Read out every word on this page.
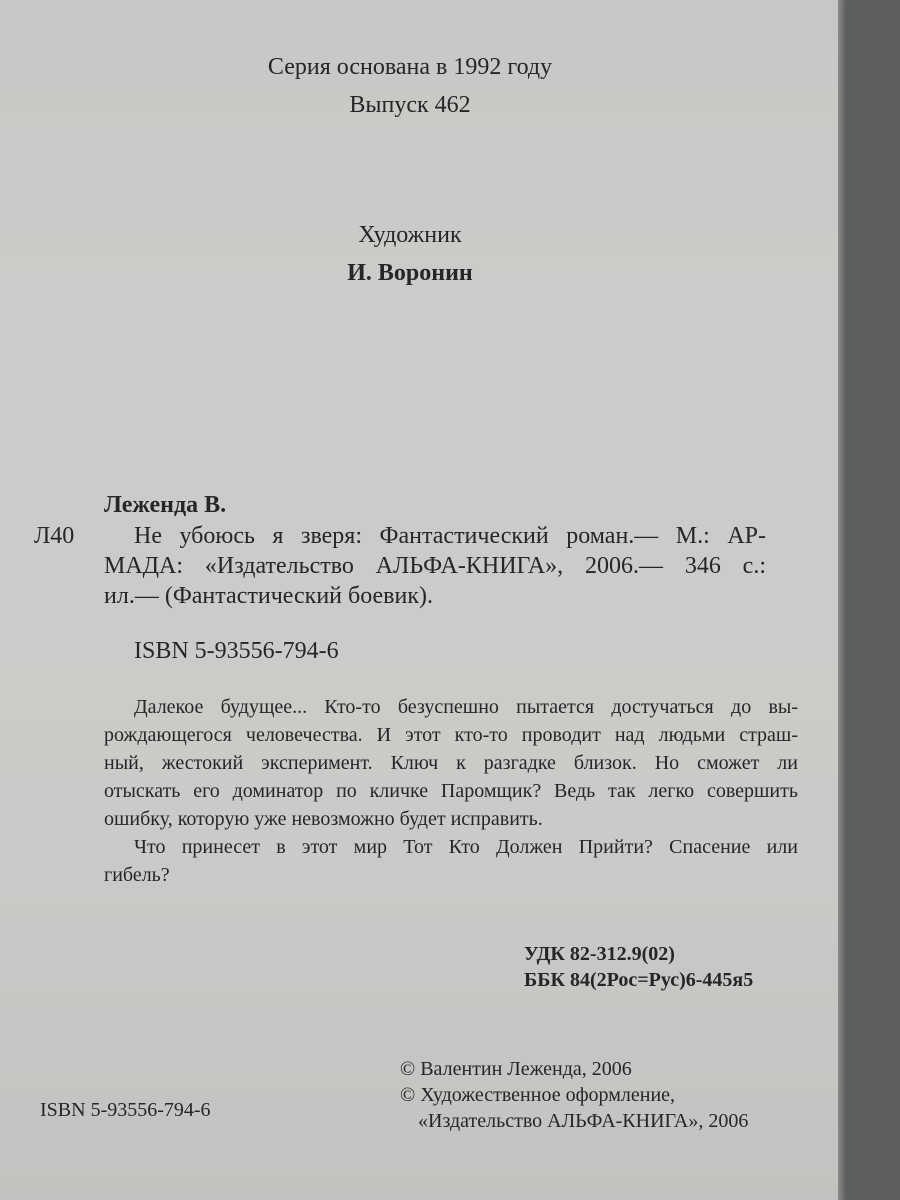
Серия основана в 1992 году
Выпуск 462
Художник
И. Воронин
Леженда В.
Л40 Не убоюсь я зверя: Фантастический роман.— М.: АР-
МАДА: «Издательство АЛЬФА-КНИГА», 2006.— 346 с.:
ил.— (Фантастический боевик).
ISBN 5-93556-794-6
Далекое будущее... Кто-то безуспешно пытается достучаться до вы-
рождающегося человечества. И этот кто-то проводит над людьми страш-
ный, жестокий эксперимент. Ключ к разгадке близок. Но сможет ли
отыскать его доминатор по кличке Паромщик? Ведь так легко совершить
ошибку, которую уже невозможно будет исправить.
Что принесет в этот мир Тот Кто Должен Прийти? Спасение или
гибель?
УДК 82-312.9(02)
ББК 84(2Рос=Рус)6-445я5
© Валентин Леженда, 2006
© Художественное оформление,
«Издательство АЛЬФА-КНИГА», 2006
ISBN 5-93556-794-6
